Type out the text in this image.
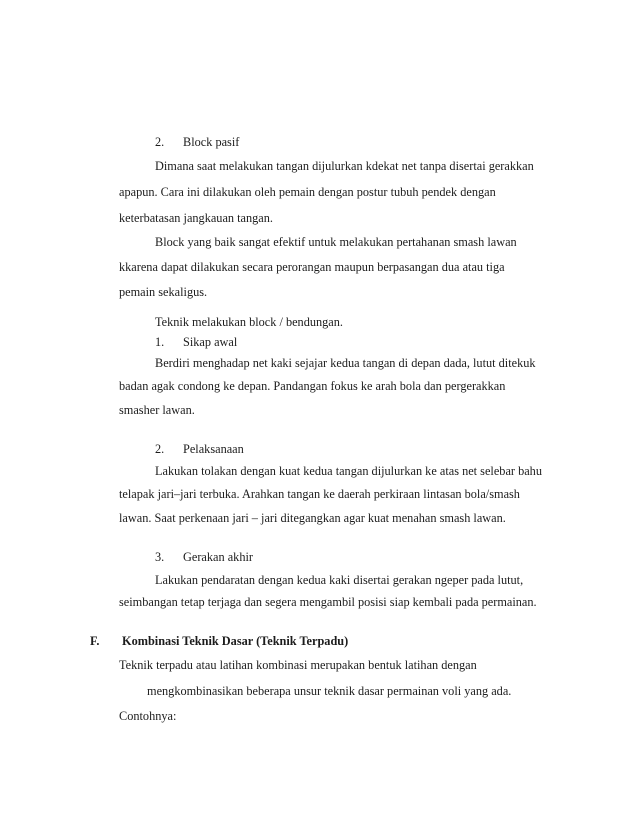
2. Block pasif
Dimana saat melakukan tangan dijulurkan kdekat net tanpa disertai gerakkan
apapun. Cara ini dilakukan oleh pemain dengan postur tubuh pendek dengan
keterbatasan jangkauan tangan.
Block yang baik sangat efektif untuk melakukan pertahanan smash lawan
kkarena dapat dilakukan secara perorangan maupun berpasangan dua atau tiga
pemain sekaligus.
Teknik melakukan block / bendungan.
1. Sikap awal
Berdiri menghadap net kaki sejajar kedua tangan di depan dada, lutut ditekuk
badan agak condong ke depan. Pandangan fokus ke arah bola dan pergerakkan
smasher lawan.
2. Pelaksanaan
Lakukan tolakan dengan kuat kedua tangan dijulurkan ke atas net selebar bahu
telapak jari–jari terbuka. Arahkan tangan ke daerah perkiraan lintasan bola/smash
lawan. Saat perkenaan jari – jari ditegangkan agar kuat menahan smash lawan.
3. Gerakan akhir
Lakukan pendaratan dengan kedua kaki disertai gerakan ngeper pada lutut,
seimbangan tetap terjaga dan segera mengambil posisi siap kembali pada permainan.
F. Kombinasi Teknik Dasar (Teknik Terpadu)
Teknik terpadu atau latihan kombinasi merupakan bentuk latihan dengan
mengkombinasikan beberapa unsur teknik dasar permainan voli yang ada.
Contohnya:
